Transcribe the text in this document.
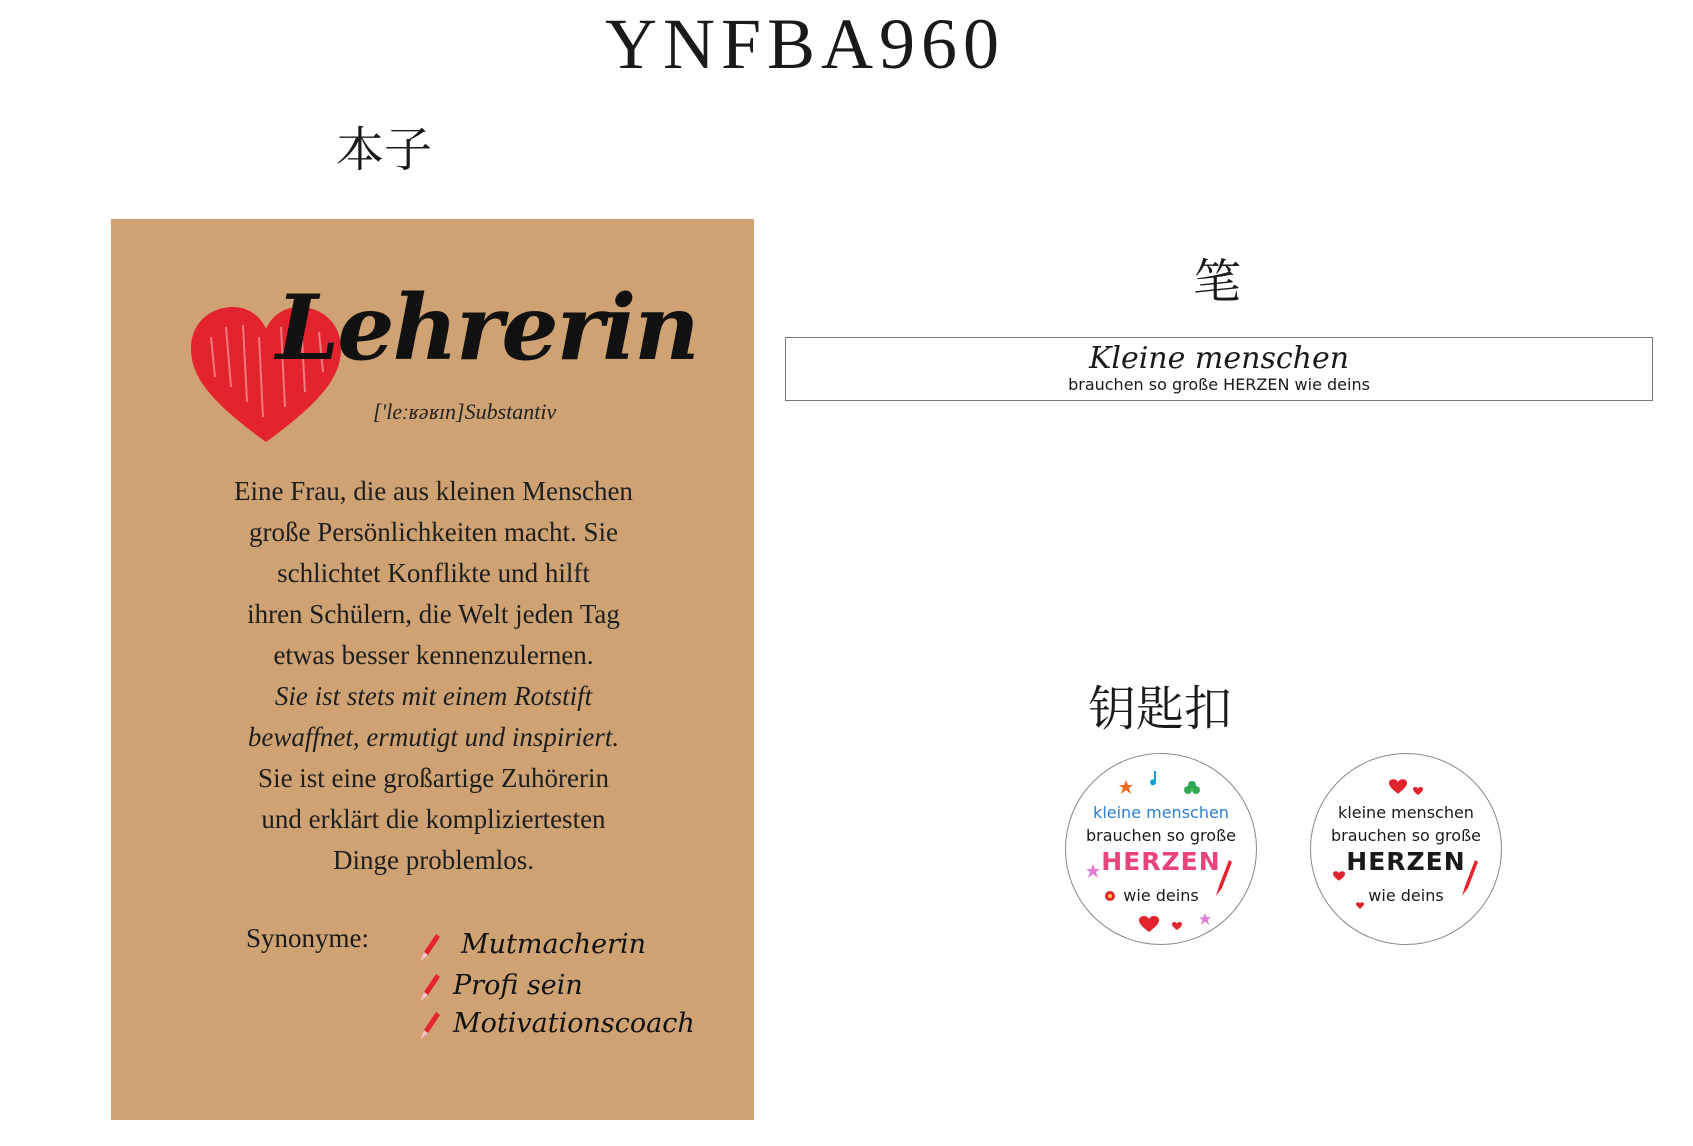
YNFBA960
本子
笔
钥匙扣
Lehrerin
['leːʁəʁɪn]Substantiv
Eine Frau, die aus kleinen Menschen
große Persönlichkeiten macht. Sie
schlichtet Konflikte und hilft
ihren Schülern, die Welt jeden Tag
etwas besser kennenzulernen.
Sie ist stets mit einem Rotstift
bewaffnet, ermutigt und inspiriert.
Sie ist eine großartige Zuhörerin
und erklärt die kompliziertesten
Dinge problemlos.
Synonyme:	Mutmacherin
Profi sein
Motivationscoach
Kleine menschen
brauchen so große HERZEN wie deins
kleine menschen
brauchen so große
HERZEN
wie deins
kleine menschen
brauchen so große
HERZEN
wie deins
